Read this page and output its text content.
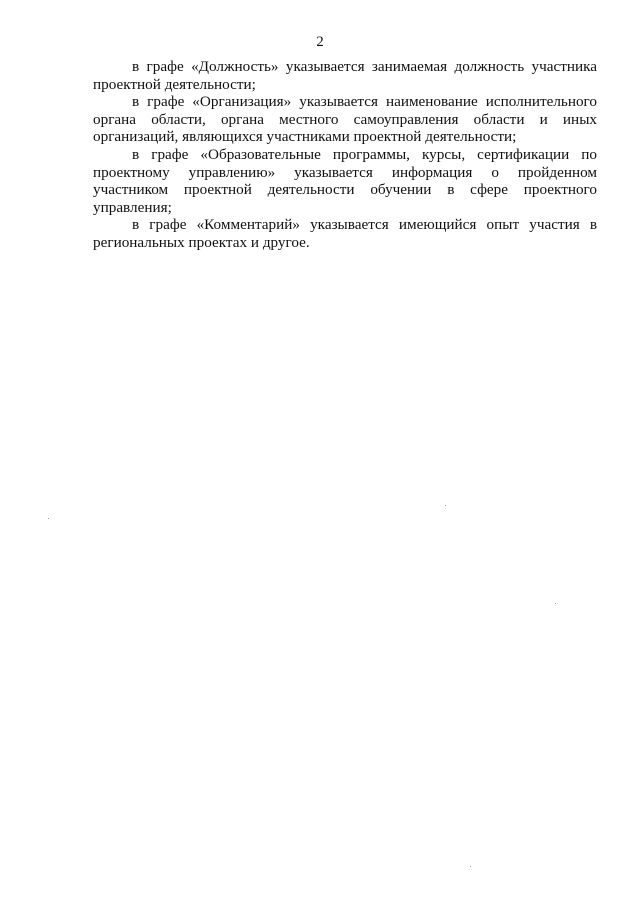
2

в графе «Должность» указывается занимаемая должность участника проектной деятельности;

в графе «Организация» указывается наименование исполнительного органа области, органа местного самоуправления области и иных организаций, являющихся участниками проектной деятельности;

в графе «Образовательные программы, курсы, сертификации по проектному управлению» указывается информация о пройденном участником проектной деятельности обучении в сфере проектного управления;

в графе «Комментарий» указывается имеющийся опыт участия в региональных проектах и другое.
